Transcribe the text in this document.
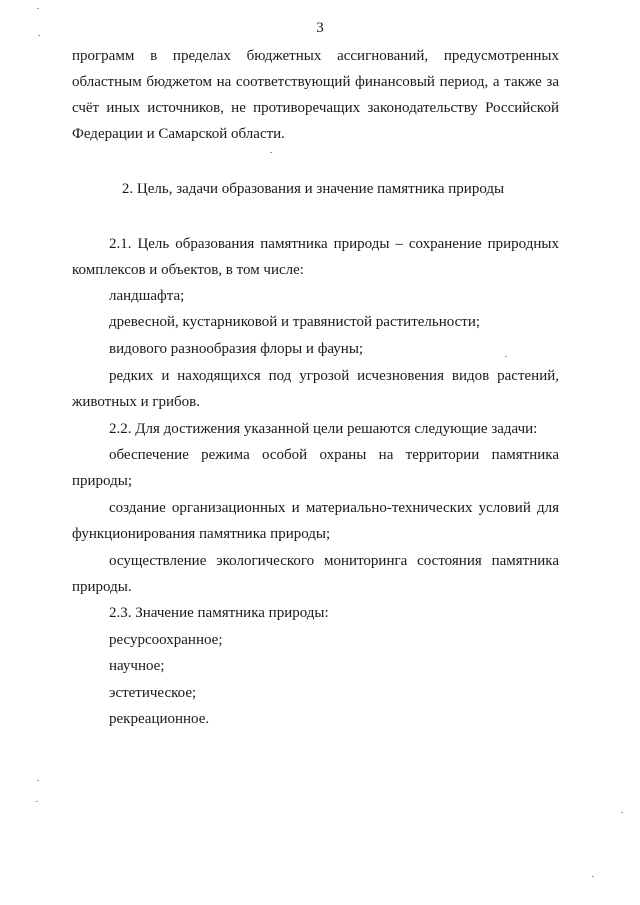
3
программ в пределах бюджетных ассигнований, предусмотренных
областным бюджетом на соответствующий финансовый период, а также за
счёт иных источников, не противоречащих законодательству Российской
Федерации и Самарской области.
2. Цель, задачи образования и значение памятника природы
2.1. Цель образования памятника природы – сохранение природных
комплексов и объектов, в том числе:
ландшафта;
древесной, кустарниковой и травянистой растительности;
видового разнообразия флоры и фауны;
редких и находящихся под угрозой исчезновения видов растений,
животных и грибов.
2.2. Для достижения указанной цели решаются следующие задачи:
обеспечение режима особой охраны на территории памятника
природы;
создание организационных и материально-технических условий для
функционирования памятника природы;
осуществление экологического мониторинга состояния памятника
природы.
2.3. Значение памятника природы:
ресурсоохранное;
научное;
эстетическое;
рекреационное.
